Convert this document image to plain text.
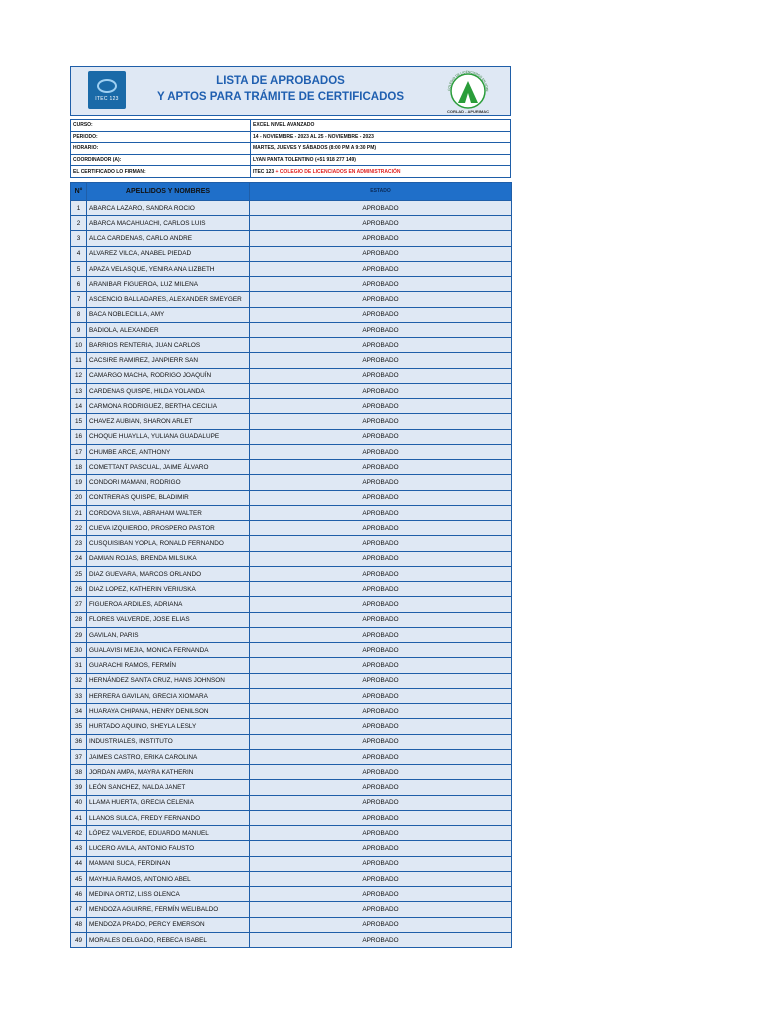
ITEC 123
LISTA DE APROBADOS
Y APTOS PARA TRÁMITE DE CERTIFICADOS
COLEGIO DE LICENCIADOS EN ADMI
CORLAD - APURIMAC
CURSO:	EXCEL NIVEL AVANZADO
PERIODO:	14 - NOVIEMBRE - 2023 AL 25 - NOVIEMBRE - 2023
HORARIO:	MARTES, JUEVES Y SÁBADOS (8:00 PM A 9:30 PM)
COORDINADOR (A):	LYAN PANTA TOLENTINO (+51 918 277 149)
EL CERTIFICADO LO FIRMAN:	ITEC 123 + COLEGIO DE LICENCIADOS EN ADMINISTRACIÓN
N°	APELLIDOS Y NOMBRES	ESTADO
1	ABARCA LAZARO, SANDRA ROCIO	APROBADO
2	ABARCA MACAHUACHI, CARLOS LUIS	APROBADO
3	ALCA CARDENAS, CARLO ANDRE	APROBADO
4	ALVAREZ VILCA, ANABEL PIEDAD	APROBADO
5	APAZA VELASQUE, YENIRA ANA LIZBETH	APROBADO
6	ARANIBAR FIGUEROA, LUZ MILENA	APROBADO
7	ASCENCIO BALLADARES, ALEXANDER SMEYGER	APROBADO
8	BACA NOBLECILLA, AMY	APROBADO
9	BADIOLA, ALEXANDER	APROBADO
10	BARRIOS RENTERIA, JUAN CARLOS	APROBADO
11	CACSIRE RAMIREZ, JANPIERR SAN	APROBADO
12	CAMARGO MACHA, RODRIGO JOAQUÍN	APROBADO
13	CARDENAS QUISPE, HILDA YOLANDA	APROBADO
14	CARMONA RODRIGUEZ, BERTHA CECILIA	APROBADO
15	CHAVEZ AUBIAN, SHARON ARLET	APROBADO
16	CHOQUE HUAYLLA, YULIANA GUADALUPE	APROBADO
17	CHUMBE ARCE, ANTHONY	APROBADO
18	COMETTANT PASCUAL, JAIME ÁLVARO	APROBADO
19	CONDORI MAMANI, RODRIGO	APROBADO
20	CONTRERAS QUISPE, BLADIMIR	APROBADO
21	CORDOVA SILVA, ABRAHAM WALTER	APROBADO
22	CUEVA IZQUIERDO, PROSPERO PASTOR	APROBADO
23	CUSQUISIBAN YOPLA, RONALD FERNANDO	APROBADO
24	DAMIAN ROJAS, BRENDA MILSUKA	APROBADO
25	DIAZ GUEVARA, MARCOS ORLANDO	APROBADO
26	DIAZ LOPEZ, KATHERIN VERIUSKA	APROBADO
27	FIGUEROA ARDILES, ADRIANA	APROBADO
28	FLORES VALVERDE, JOSE ELIAS	APROBADO
29	GAVILAN, PARIS	APROBADO
30	GUALAVISI MEJIA, MONICA FERNANDA	APROBADO
31	GUARACHI RAMOS, FERMÍN	APROBADO
32	HERNÁNDEZ SANTA CRUZ, HANS JOHNSON	APROBADO
33	HERRERA GAVILAN, GRECIA XIOMARA	APROBADO
34	HUARAYA CHIPANA, HENRY DENILSON	APROBADO
35	HURTADO AQUINO, SHEYLA LESLY	APROBADO
36	INDUSTRIALES, INSTITUTO	APROBADO
37	JAIMES CASTRO, ERIKA CAROLINA	APROBADO
38	JORDAN AMPA, MAYRA KATHERIN	APROBADO
39	LEÓN SANCHEZ, NALDA JANET	APROBADO
40	LLAMA HUERTA, GRECIA CELENIA	APROBADO
41	LLANOS SULCA, FREDY FERNANDO	APROBADO
42	LÓPEZ VALVERDE, EDUARDO MANUEL	APROBADO
43	LUCERO AVILA, ANTONIO FAUSTO	APROBADO
44	MAMANI SUCA, FERDINAN	APROBADO
45	MAYHUA RAMOS, ANTONIO ABEL	APROBADO
46	MEDINA ORTIZ, LISS OLENCA	APROBADO
47	MENDOZA AGUIRRE, FERMÍN WELIBALDO	APROBADO
48	MENDOZA PRADO, PERCY EMERSON	APROBADO
49	MORALES DELGADO, REBECA ISABEL	APROBADO
